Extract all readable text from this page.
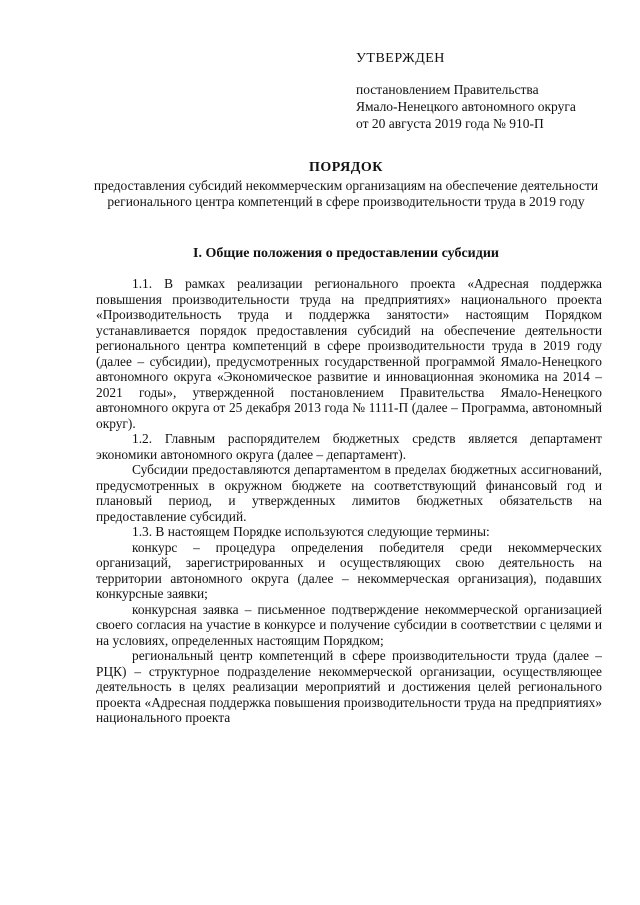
УТВЕРЖДЕН
постановлением Правительства
Ямало-Ненецкого автономного округа
от 20 августа 2019 года № 910-П
ПОРЯДОК
предоставления субсидий некоммерческим организациям на обеспечение деятельности регионального центра компетенций в сфере производительности труда в 2019 году
I. Общие положения о предоставлении субсидии

1.1. В рамках реализации регионального проекта «Адресная поддержка повышения производительности труда на предприятиях» национального проекта «Производительность труда и поддержка занятости» настоящим Порядком устанавливается порядок предоставления субсидий на обеспечение деятельности регионального центра компетенций в сфере производительности труда в 2019 году (далее – субсидии), предусмотренных государственной программой Ямало-Ненецкого автономного округа «Экономическое развитие и инновационная экономика на 2014 – 2021 годы», утвержденной постановлением Правительства Ямало-Ненецкого автономного округа от 25 декабря 2013 года № 1111-П (далее – Программа, автономный округ).

1.2. Главным распорядителем бюджетных средств является департамент экономики автономного округа (далее – департамент).

Субсидии предоставляются департаментом в пределах бюджетных ассигнований, предусмотренных в окружном бюджете на соответствующий финансовый год и плановый период, и утвержденных лимитов бюджетных обязательств на предоставление субсидий.

1.3. В настоящем Порядке используются следующие термины:

конкурс – процедура определения победителя среди некоммерческих организаций, зарегистрированных и осуществляющих свою деятельность на территории автономного округа (далее – некоммерческая организация), подавших конкурсные заявки;

конкурсная заявка – письменное подтверждение некоммерческой организацией своего согласия на участие в конкурсе и получение субсидии в соответствии с целями и на условиях, определенных настоящим Порядком;

региональный центр компетенций в сфере производительности труда (далее – РЦК) – структурное подразделение некоммерческой организации, осуществляющее деятельность в целях реализации мероприятий и достижения целей регионального проекта «Адресная поддержка повышения производительности труда на предприятиях» национального проекта
